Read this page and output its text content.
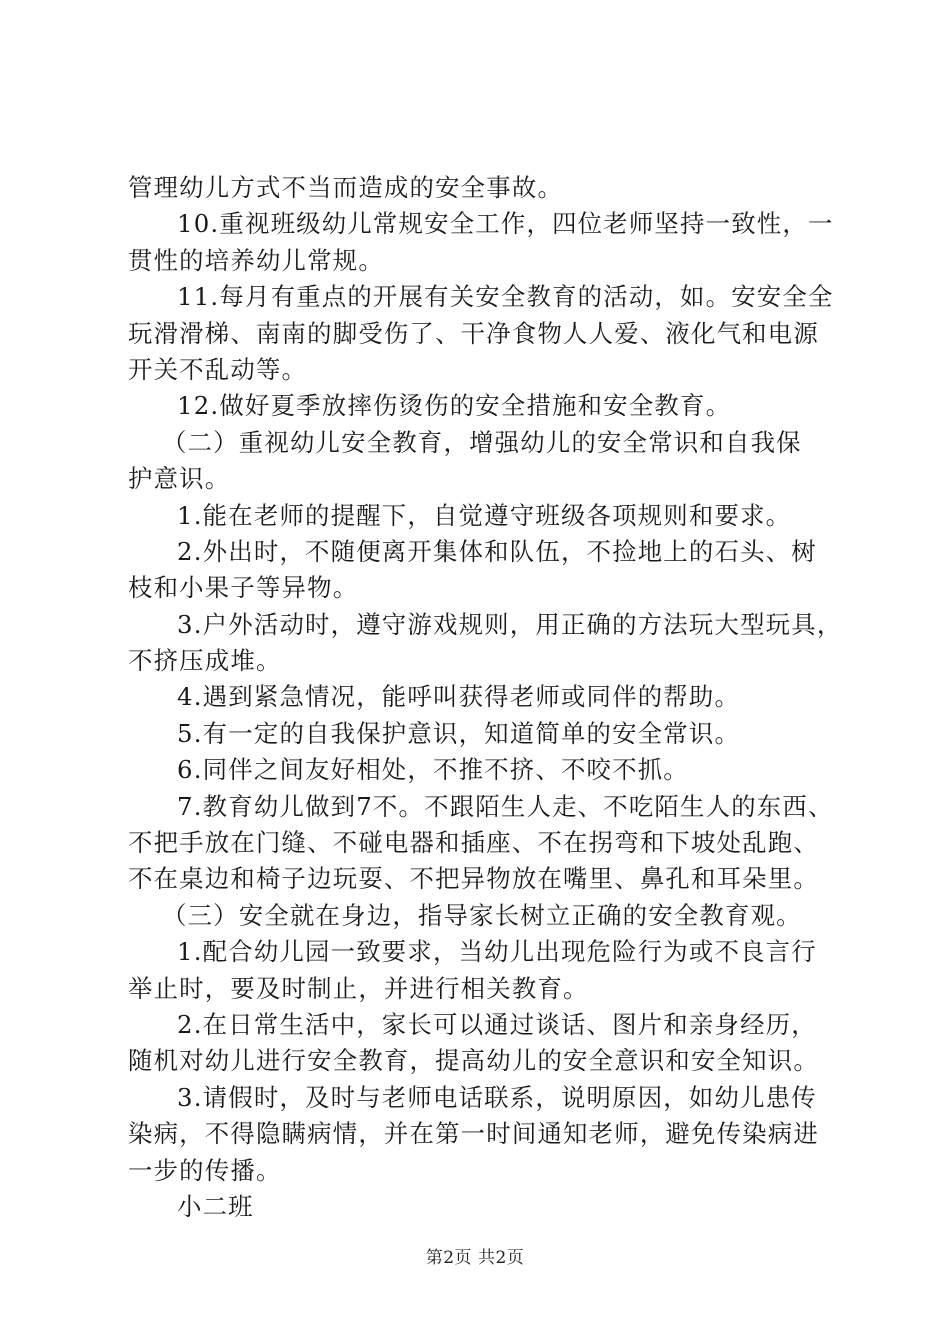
管理幼儿方式不当而造成的安全事故。
10.重视班级幼儿常规安全工作，四位老师坚持一致性，一
贯性的培养幼儿常规。
11.每月有重点的开展有关安全教育的活动，如。安安全全
玩滑滑梯、南南的脚受伤了、干净食物人人爱、液化气和电源
开关不乱动等。
12.做好夏季放摔伤烫伤的安全措施和安全教育。
（二）重视幼儿安全教育，增强幼儿的安全常识和自我保
护意识。
1.能在老师的提醒下，自觉遵守班级各项规则和要求。
2.外出时，不随便离开集体和队伍，不捡地上的石头、树
枝和小果子等异物。
3.户外活动时，遵守游戏规则，用正确的方法玩大型玩具，
不挤压成堆。
4.遇到紧急情况，能呼叫获得老师或同伴的帮助。
5.有一定的自我保护意识，知道简单的安全常识。
6.同伴之间友好相处，不推不挤、不咬不抓。
7.教育幼儿做到7不。不跟陌生人走、不吃陌生人的东西、
不把手放在门缝、不碰电器和插座、不在拐弯和下坡处乱跑、
不在桌边和椅子边玩耍、不把异物放在嘴里、鼻孔和耳朵里。
（三）安全就在身边，指导家长树立正确的安全教育观。
1.配合幼儿园一致要求，当幼儿出现危险行为或不良言行
举止时，要及时制止，并进行相关教育。
2.在日常生活中，家长可以通过谈话、图片和亲身经历，
随机对幼儿进行安全教育，提高幼儿的安全意识和安全知识。
3.请假时，及时与老师电话联系，说明原因，如幼儿患传
染病，不得隐瞒病情，并在第一时间通知老师，避免传染病进
一步的传播。
小二班
第2页 共2页
